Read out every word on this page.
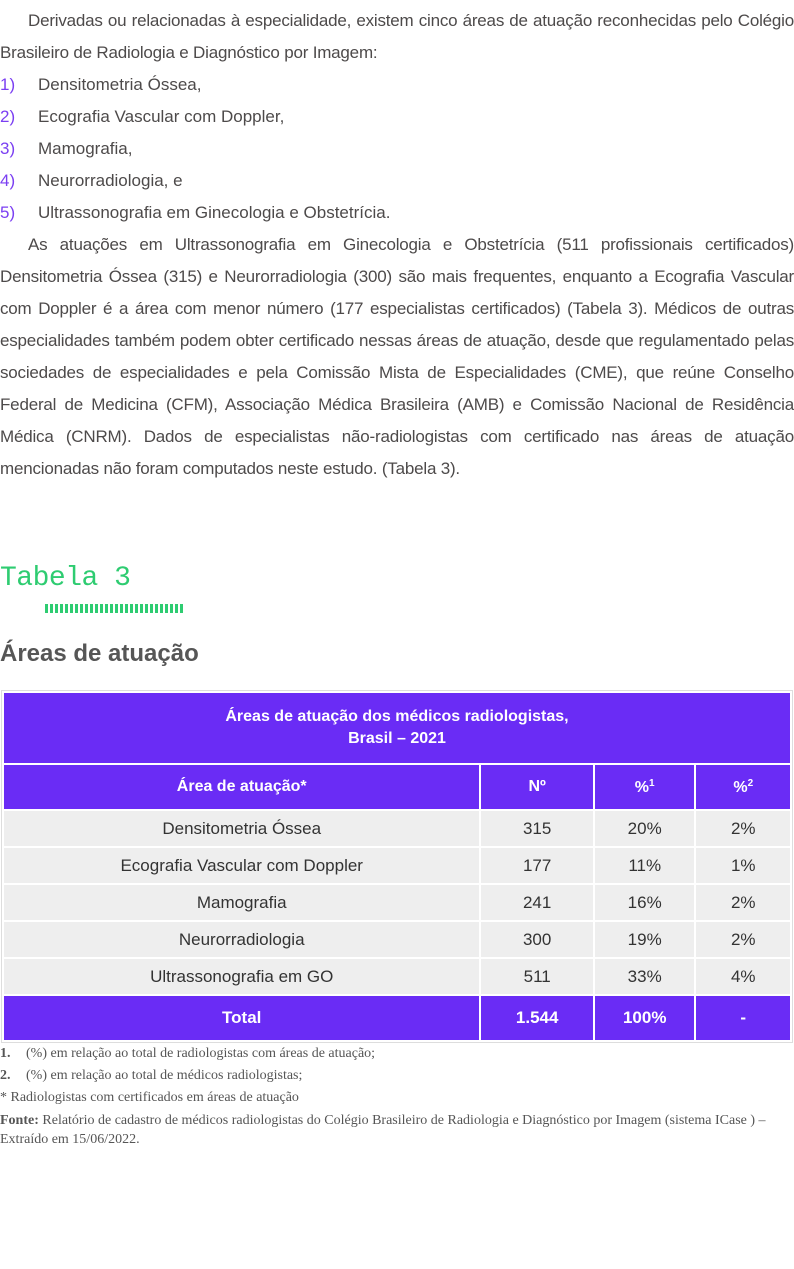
Derivadas ou relacionadas à especialidade, existem cinco áreas de atuação reconhecidas pelo Colégio Brasileiro de Radiologia e Diagnóstico por Imagem:

1)	Densitometria Óssea,
2)	Ecografia Vascular com Doppler,
3)	Mamografia,
4)	Neurorradiologia, e
5)	Ultrassonografia em Ginecologia e Obstetrícia.

As atuações em Ultrassonografia em Ginecologia e Obstetrícia (511 profissionais certificados) Densitometria Óssea (315) e Neurorradiologia (300) são mais frequentes, enquanto a Ecografia Vascular com Doppler é a área com menor número (177 especialistas certificados) (Tabela 3). Médicos de outras especialidades também podem obter certificado nessas áreas de atuação, desde que regulamentado pelas sociedades de especialidades e pela Comissão Mista de Especialidades (CME), que reúne Conselho Federal de Medicina (CFM), Associação Médica Brasileira (AMB) e Comissão Nacional de Residência Médica (CNRM). Dados de especialistas não-radiologistas com certificado nas áreas de atuação mencionadas não foram computados neste estudo. (Tabela 3).

Tabela 3
Áreas de atuação
Áreas de atuação dos médicos radiologistas,
Brasil – 2021			

Área de atuação*	Nº	%$^1$	%$^2$
Densitometria Óssea	315	20%	2%
Ecografia Vascular com Doppler	177	11%	1%
Mamografia	241	16%	2%
Neurorradiologia	300	19%	2%
Ultrassonografia em GO	511	33%	4%
Total	1.544	100%	-
1. (%) em relação ao total de radiologistas com áreas de atuação;
2. (%) em relação ao total de médicos radiologistas;
* Radiologistas com certificados em áreas de atuação
Fonte: Relatório de cadastro de médicos radiologistas do Colégio Brasileiro de Radiologia e Diagnóstico por Imagem (sistema ICase ) – Extraído em 15/06/2022.
